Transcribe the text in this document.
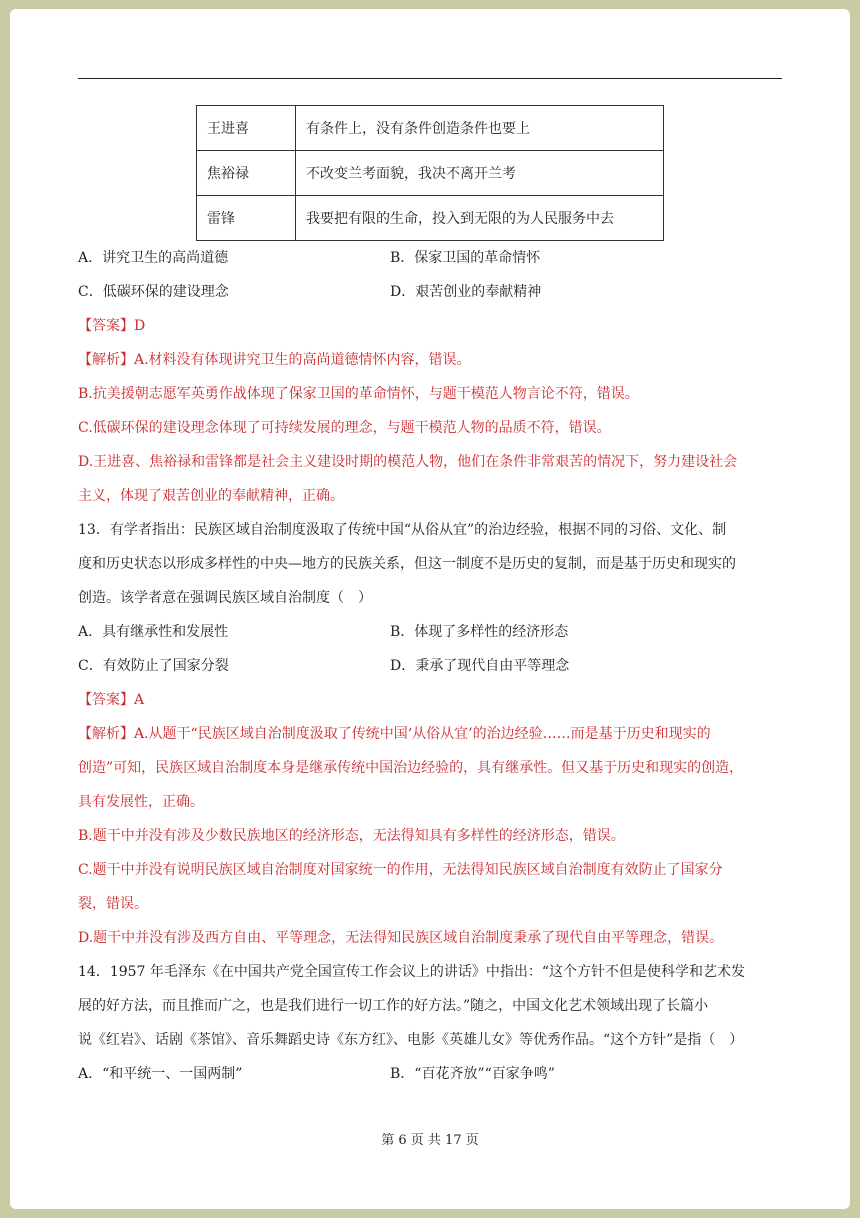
王进喜	有条件上，没有条件创造条件也要上
焦裕禄	不改变兰考面貌，我决不离开兰考
雷锋	我要把有限的生命，投入到无限的为人民服务中去
A．讲究卫生的高尚道德	B．保家卫国的革命情怀
C．低碳环保的建设理念	D．艰苦创业的奉献精神
【答案】D
【解析】A.材料没有体现讲究卫生的高尚道德情怀内容，错误。
B.抗美援朝志愿军英勇作战体现了保家卫国的革命情怀，与题干模范人物言论不符，错误。
C.低碳环保的建设理念体现了可持续发展的理念，与题干模范人物的品质不符，错误。
D.王进喜、焦裕禄和雷锋都是社会主义建设时期的模范人物，他们在条件非常艰苦的情况下，努力建设社会
主义，体现了艰苦创业的奉献精神，正确。
13．有学者指出：民族区域自治制度汲取了传统中国“从俗从宜”的治边经验，根据不同的习俗、文化、制
度和历史状态以形成多样性的中央—地方的民族关系，但这一制度不是历史的复制，而是基于历史和现实的
创造。该学者意在强调民族区域自治制度（　）
A．具有继承性和发展性	B．体现了多样性的经济形态
C．有效防止了国家分裂	D．秉承了现代自由平等理念
【答案】A
【解析】A.从题干“民族区域自治制度汲取了传统中国‘从俗从宜’的治边经验……而是基于历史和现实的
创造”可知，民族区域自治制度本身是继承传统中国治边经验的，具有继承性。但又基于历史和现实的创造，
具有发展性，正确。
B.题干中并没有涉及少数民族地区的经济形态，无法得知具有多样性的经济形态，错误。
C.题干中并没有说明民族区域自治制度对国家统一的作用，无法得知民族区域自治制度有效防止了国家分
裂，错误。
D.题干中并没有涉及西方自由、平等理念，无法得知民族区域自治制度秉承了现代自由平等理念，错误。
14．1957 年毛泽东《在中国共产党全国宣传工作会议上的讲话》中指出：“这个方针不但是使科学和艺术发
展的好方法，而且推而广之，也是我们进行一切工作的好方法。”随之，中国文化艺术领域出现了长篇小
说《红岩》、话剧《茶馆》、音乐舞蹈史诗《东方红》、电影《英雄儿女》等优秀作品。“这个方针”是指（　）
A．“和平统一、一国两制”	B．“百花齐放”“百家争鸣”
第 6 页 共 17 页
